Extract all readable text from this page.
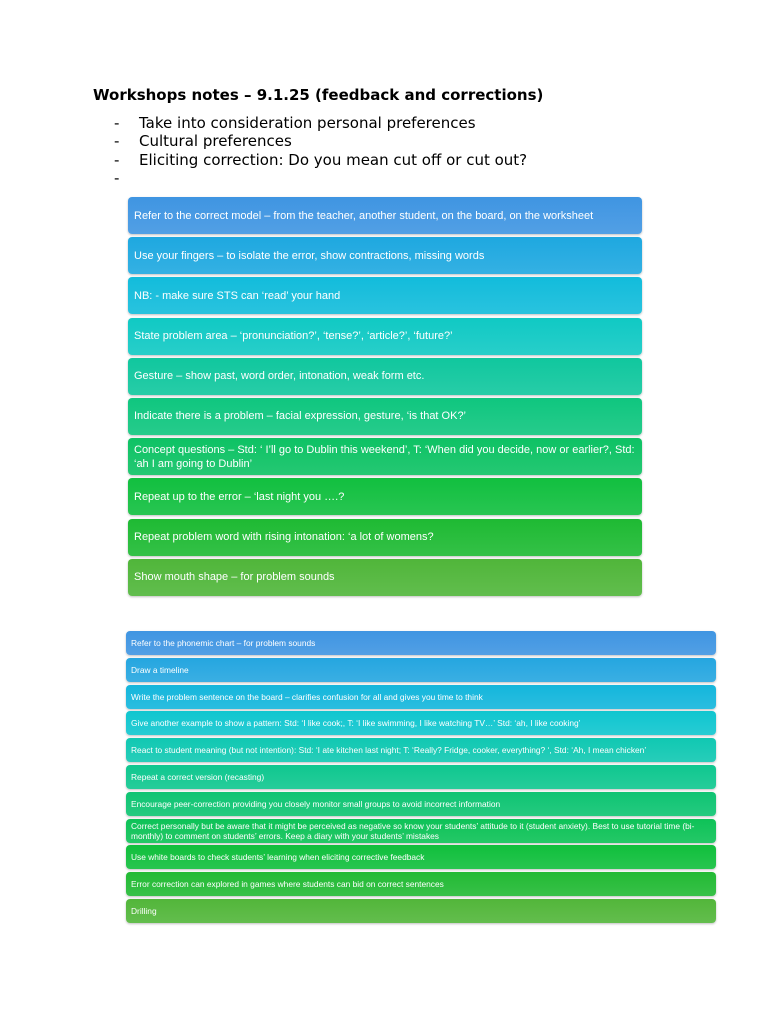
Workshops notes – 9.1.25 (feedback and corrections)
-	Take into consideration personal preferences
-	Cultural preferences
-	Eliciting correction: Do you mean cut off or cut out?
-
Refer to the correct model – from the teacher, another student, on the board, on the worksheet
Use your fingers – to isolate the error, show contractions, missing words
NB: - make sure STS can ‘read’ your hand
State problem area – ‘pronunciation?’, ‘tense?’, ‘article?’, ‘future?’
Gesture – show past, word order, intonation, weak form etc.
Indicate there is a problem – facial expression, gesture, ‘is that OK?’
Concept questions – Std: ‘ I’ll go to Dublin this weekend’, T: ‘When did you decide, now or earlier?, Std: ‘ah I am going to Dublin’
Repeat up to the error – ‘last night you ….?
Repeat problem word with rising intonation: ‘a lot of womens?
Show mouth shape – for problem sounds
Refer to the phonemic chart – for problem sounds
Draw a timeline
Write the problem sentence on the board – clarifies confusion for all and gives you time to think
Give another example to show a pattern: Std: ‘I like cook;, T: ‘I like swimming, I like watching TV…’ Std: ‘ah, I like cooking’
React to student meaning (but not intention): Std: ‘I ate kitchen last night; T: ‘Really? Fridge, cooker, everything? ‘, Std: ‘Ah, I mean chicken’
Repeat a correct version (recasting)
Encourage peer-correction providing you closely monitor small groups to avoid incorrect information
Correct personally but be aware that it might be perceived as negative so know your students’ attitude to it (student anxiety). Best to use tutorial time (bi-monthly) to comment on students’ errors. Keep a diary with your students’ mistakes
Use white boards to check students’ learning when eliciting corrective feedback
Error correction can explored in games where students can bid on correct sentences
Drilling
